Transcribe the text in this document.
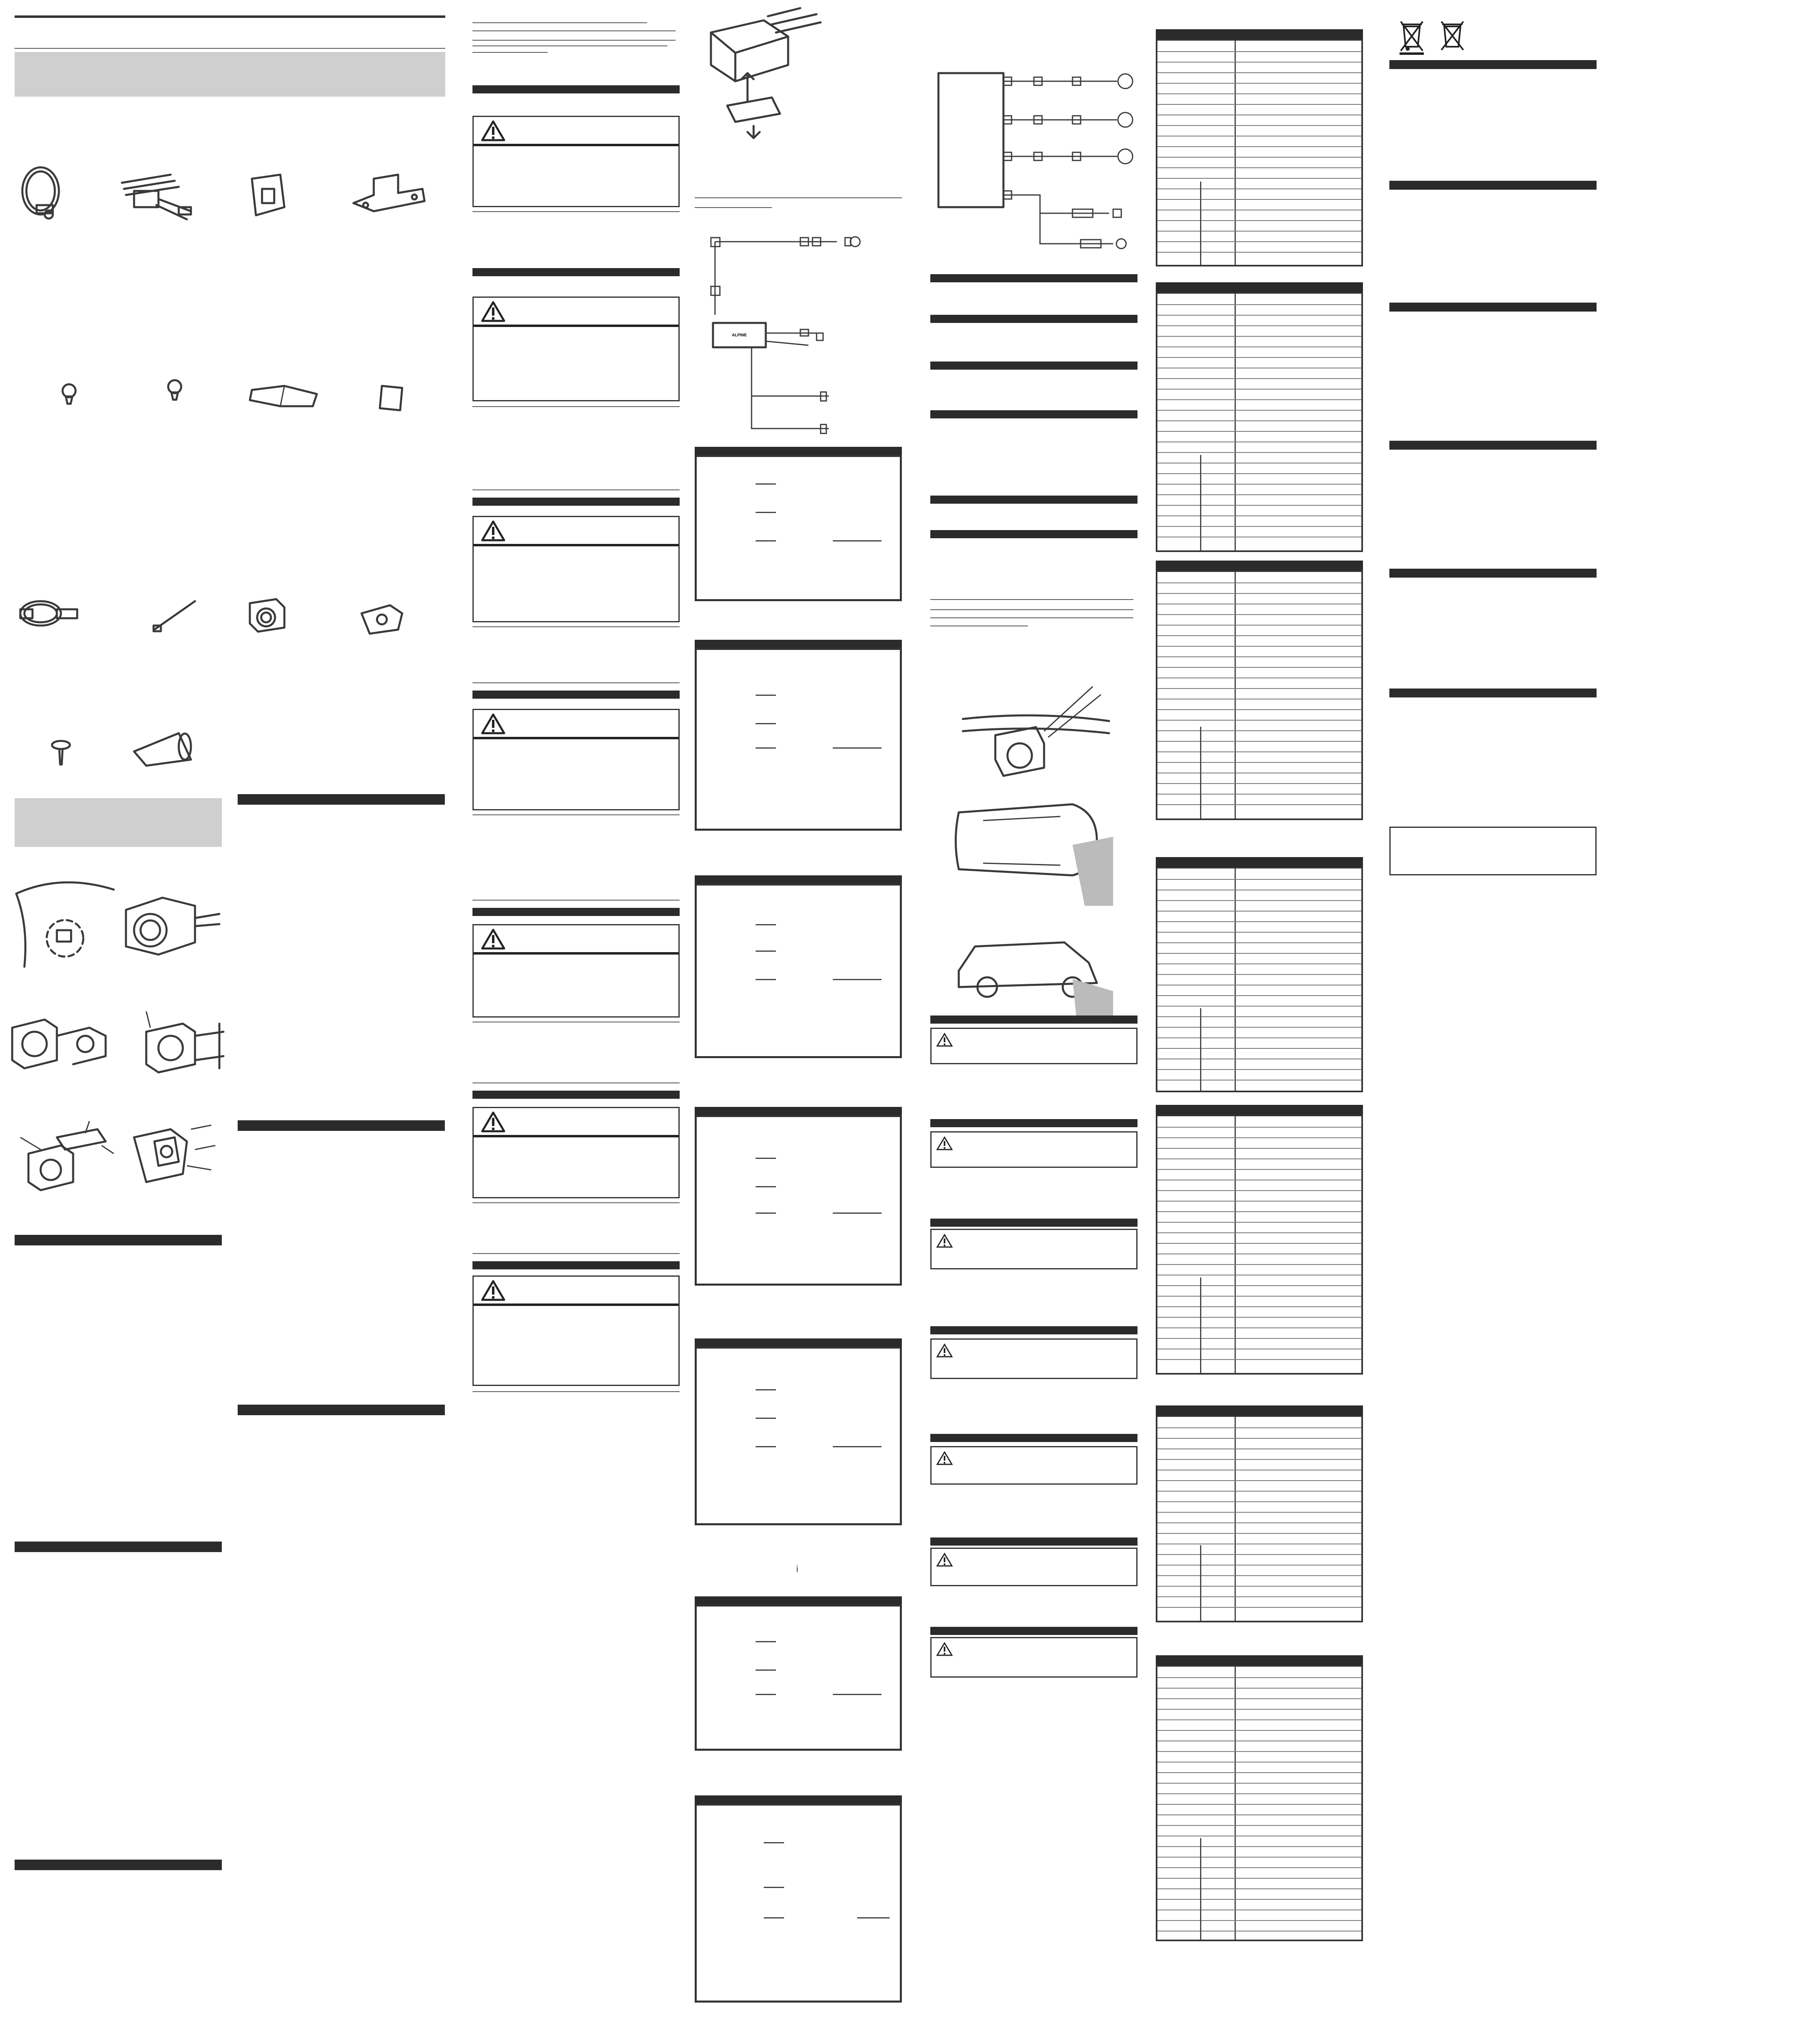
ALPINE
i
